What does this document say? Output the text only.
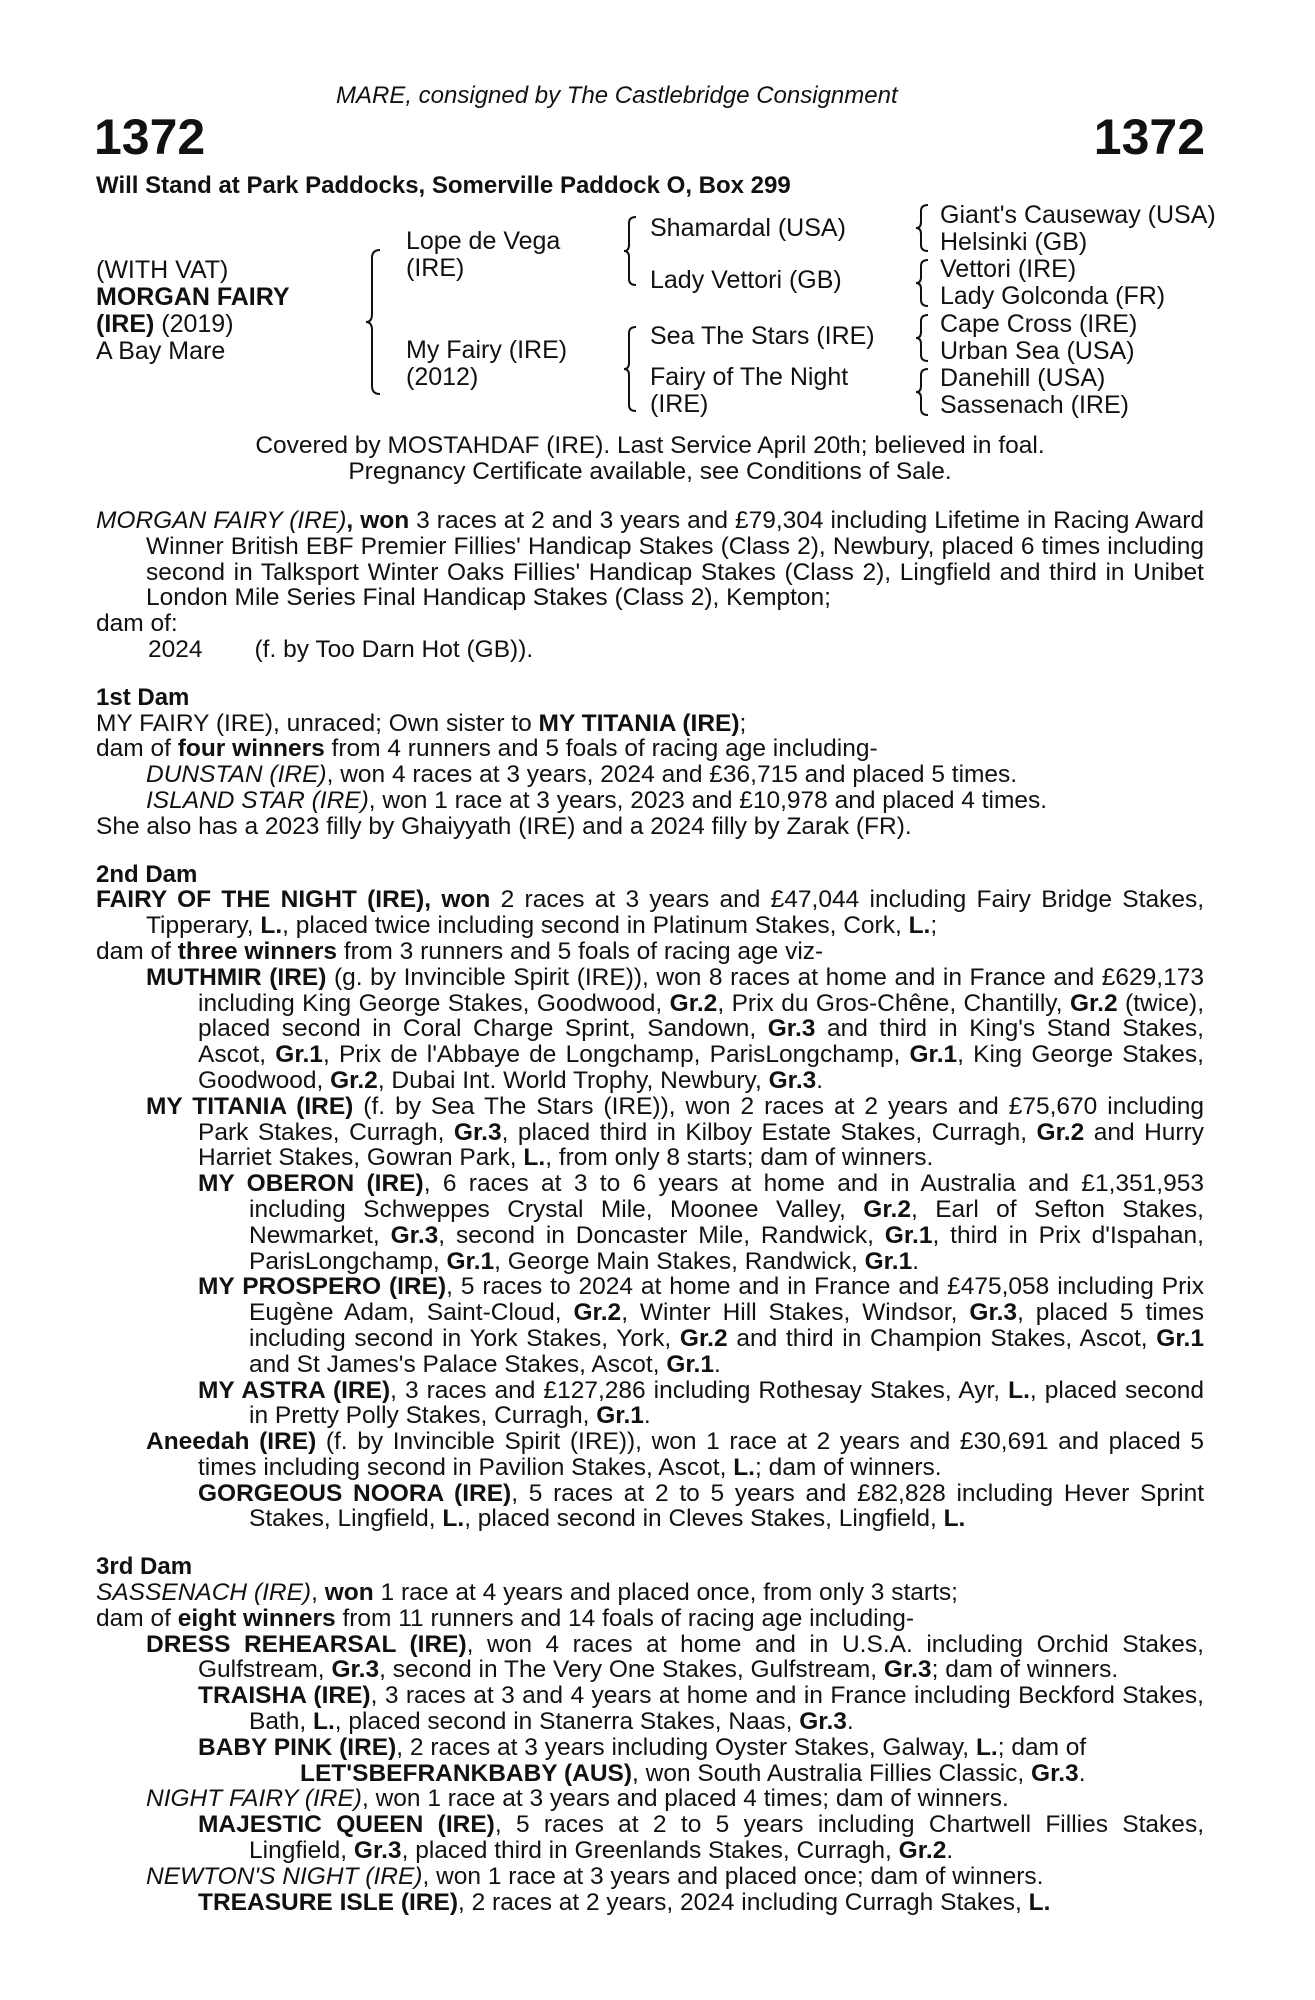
MARE, consigned by The Castlebridge Consignment
1372	1372
Will Stand at Park Paddocks, Somerville Paddock O, Box 299
(WITH VAT)
MORGAN FAIRY
(IRE) (2019)
A Bay Mare
Lope de Vega
(IRE)
My Fairy (IRE)
(2012)
Shamardal (USA)
Lady Vettori (GB)
Sea The Stars (IRE)
Fairy of The Night
(IRE)
Giant's Causeway (USA)
Helsinki (GB)
Vettori (IRE)
Lady Golconda (FR)
Cape Cross (IRE)
Urban Sea (USA)
Danehill (USA)
Sassenach (IRE)
Covered by MOSTAHDAF (IRE). Last Service April 20th; believed in foal.
Pregnancy Certificate available, see Conditions of Sale.

MORGAN FAIRY (IRE), won 3 races at 2 and 3 years and £79,304 including Lifetime in Racing Award Winner British EBF Premier Fillies' Handicap Stakes (Class 2), Newbury, placed 6 times including second in Talksport Winter Oaks Fillies' Handicap Stakes (Class 2), Lingfield and third in Unibet London Mile Series Final Handicap Stakes (Class 2), Kempton;

dam of:

2024 (f. by Too Darn Hot (GB)).

1st Dam

MY FAIRY (IRE), unraced; Own sister to MY TITANIA (IRE);

dam of four winners from 4 runners and 5 foals of racing age including-

DUNSTAN (IRE), won 4 races at 3 years, 2024 and £36,715 and placed 5 times.

ISLAND STAR (IRE), won 1 race at 3 years, 2023 and £10,978 and placed 4 times.

She also has a 2023 filly by Ghaiyyath (IRE) and a 2024 filly by Zarak (FR).

2nd Dam

FAIRY OF THE NIGHT (IRE), won 2 races at 3 years and £47,044 including Fairy Bridge Stakes, Tipperary, L., placed twice including second in Platinum Stakes, Cork, L.;

dam of three winners from 3 runners and 5 foals of racing age viz-

MUTHMIR (IRE) (g. by Invincible Spirit (IRE)), won 8 races at home and in France and £629,173 including King George Stakes, Goodwood, Gr.2, Prix du Gros-Chêne, Chantilly, Gr.2 (twice), placed second in Coral Charge Sprint, Sandown, Gr.3 and third in King's Stand Stakes, Ascot, Gr.1, Prix de l'Abbaye de Longchamp, ParisLongchamp, Gr.1, King George Stakes, Goodwood, Gr.2, Dubai Int. World Trophy, Newbury, Gr.3.

MY TITANIA (IRE) (f. by Sea The Stars (IRE)), won 2 races at 2 years and £75,670 including Park Stakes, Curragh, Gr.3, placed third in Kilboy Estate Stakes, Curragh, Gr.2 and Hurry Harriet Stakes, Gowran Park, L., from only 8 starts; dam of winners.

MY OBERON (IRE), 6 races at 3 to 6 years at home and in Australia and £1,351,953 including Schweppes Crystal Mile, Moonee Valley, Gr.2, Earl of Sefton Stakes, Newmarket, Gr.3, second in Doncaster Mile, Randwick, Gr.1, third in Prix d'Ispahan, ParisLongchamp, Gr.1, George Main Stakes, Randwick, Gr.1.

MY PROSPERO (IRE), 5 races to 2024 at home and in France and £475,058 including Prix Eugène Adam, Saint-Cloud, Gr.2, Winter Hill Stakes, Windsor, Gr.3, placed 5 times including second in York Stakes, York, Gr.2 and third in Champion Stakes, Ascot, Gr.1 and St James's Palace Stakes, Ascot, Gr.1.

MY ASTRA (IRE), 3 races and £127,286 including Rothesay Stakes, Ayr, L., placed second in Pretty Polly Stakes, Curragh, Gr.1.

Aneedah (IRE) (f. by Invincible Spirit (IRE)), won 1 race at 2 years and £30,691 and placed 5 times including second in Pavilion Stakes, Ascot, L.; dam of winners.

GORGEOUS NOORA (IRE), 5 races at 2 to 5 years and £82,828 including Hever Sprint Stakes, Lingfield, L., placed second in Cleves Stakes, Lingfield, L.

3rd Dam

SASSENACH (IRE), won 1 race at 4 years and placed once, from only 3 starts;

dam of eight winners from 11 runners and 14 foals of racing age including-

DRESS REHEARSAL (IRE), won 4 races at home and in U.S.A. including Orchid Stakes, Gulfstream, Gr.3, second in The Very One Stakes, Gulfstream, Gr.3; dam of winners.

TRAISHA (IRE), 3 races at 3 and 4 years at home and in France including Beckford Stakes, Bath, L., placed second in Stanerra Stakes, Naas, Gr.3.

BABY PINK (IRE), 2 races at 3 years including Oyster Stakes, Galway, L.; dam of

LET'SBEFRANKBABY (AUS), won South Australia Fillies Classic, Gr.3.

NIGHT FAIRY (IRE), won 1 race at 3 years and placed 4 times; dam of winners.

MAJESTIC QUEEN (IRE), 5 races at 2 to 5 years including Chartwell Fillies Stakes, Lingfield, Gr.3, placed third in Greenlands Stakes, Curragh, Gr.2.

NEWTON'S NIGHT (IRE), won 1 race at 3 years and placed once; dam of winners.

TREASURE ISLE (IRE), 2 races at 2 years, 2024 including Curragh Stakes, L.
